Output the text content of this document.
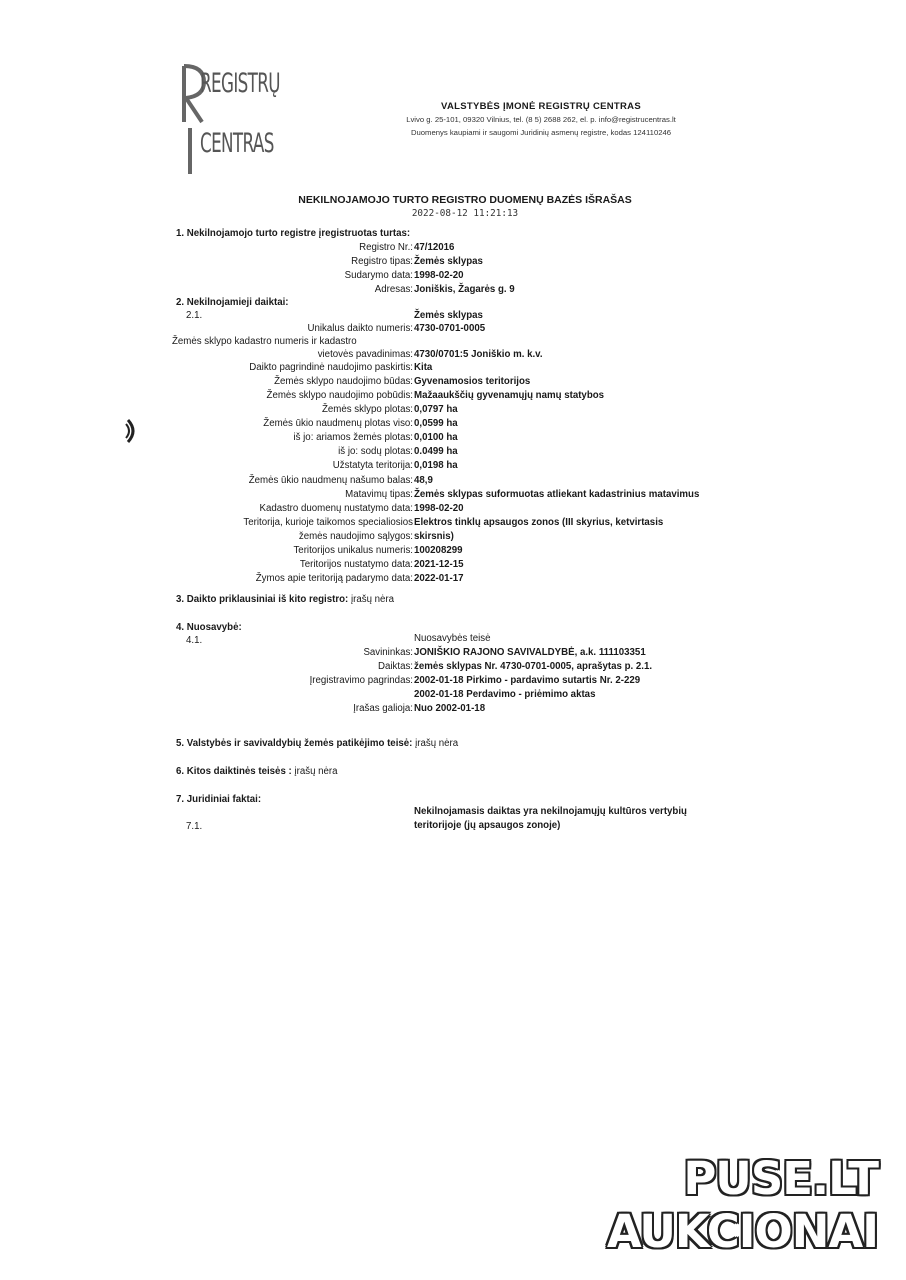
REGISTRŲ
CENTRAS
VALSTYBĖS ĮMONĖ REGISTRŲ CENTRAS
Lvivo g. 25-101, 09320 Vilnius, tel. (8 5) 2688 262, el. p. info@registrucentras.lt
Duomenys kaupiami ir saugomi Juridinių asmenų registre, kodas 124110246
NEKILNOJAMOJO TURTO REGISTRO DUOMENŲ BAZĖS IŠRAŠAS
2022-08-12 11:21:13
1. Nekilnojamojo turto registre įregistruotas turtas:
Registro Nr.: 47/12016
Registro tipas: Žemės sklypas
Sudarymo data: 1998-02-20
Adresas: Joniškis, Žagarės g. 9
2. Nekilnojamieji daiktai:
2.1.	Žemės sklypas
Unikalus daikto numeris: 4730-0701-0005
Žemės sklypo kadastro numeris ir kadastro
vietovės pavadinimas: 4730/0701:5 Joniškio m. k.v.
Daikto pagrindinė naudojimo paskirtis: Kita
Žemės sklypo naudojimo būdas: Gyvenamosios teritorijos
Žemės sklypo naudojimo pobūdis: Mažaaukščių gyvenamųjų namų statybos
Žemės sklypo plotas: 0,0797 ha
Žemės ūkio naudmenų plotas viso: 0,0599 ha
iš jo: ariamos žemės plotas: 0,0100 ha
iš jo: sodų plotas: 0.0499 ha
Užstatyta teritorija: 0,0198 ha
Žemės ūkio naudmenų našumo balas: 48,9
Matavimų tipas: Žemės sklypas suformuotas atliekant kadastrinius matavimus
Kadastro duomenų nustatymo data: 1998-02-20
Teritorija, kurioje taikomos specialiosios Elektros tinklų apsaugos zonos (III skyrius, ketvirtasis
žemės naudojimo sąlygos: skirsnis)
Teritorijos unikalus numeris: 100208299
Teritorijos nustatymo data: 2021-12-15
Žymos apie teritoriją padarymo data: 2022-01-17
3. Daikto priklausiniai iš kito registro: įrašų nėra
4. Nuosavybė:
4.1.	Nuosavybės teisė
Savininkas: JONIŠKIO RAJONO SAVIVALDYBĖ, a.k. 111103351
Daiktas: žemės sklypas Nr. 4730-0701-0005, aprašytas p. 2.1.
Įregistravimo pagrindas: 2002-01-18 Pirkimo - pardavimo sutartis Nr. 2-229
2002-01-18 Perdavimo - priėmimo aktas
Įrašas galioja: Nuo 2002-01-18
5. Valstybės ir savivaldybių žemės patikėjimo teisė: įrašų nėra
6. Kitos daiktinės teisės : įrašų nėra
7. Juridiniai faktai:
Nekilnojamasis daiktas yra nekilnojamųjų kultūros vertybių
7.1.	teritorijoje (jų apsaugos zonoje)
PUSE.LT
AUKCIONAI
